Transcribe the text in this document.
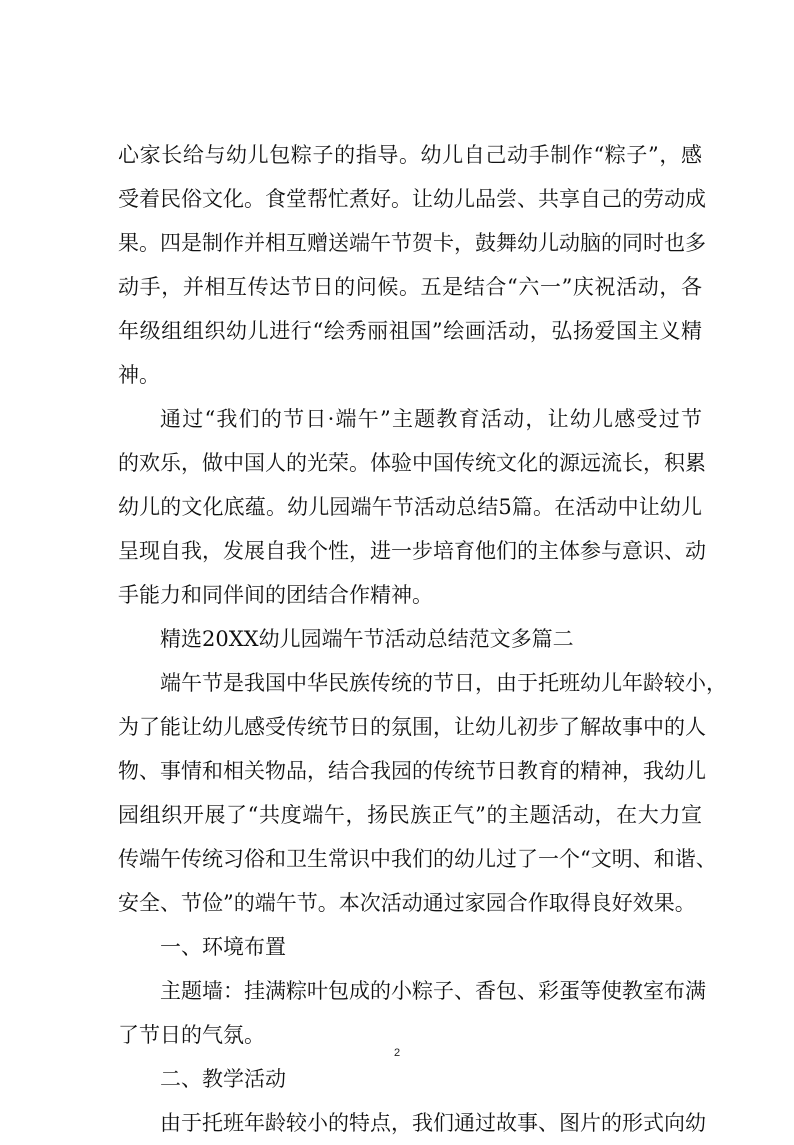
心家长给与幼儿包粽子的指导。幼儿自己动手制作“粽子”，感
受着民俗文化。食堂帮忙煮好。让幼儿品尝、共享自己的劳动成
果。四是制作并相互赠送端午节贺卡，鼓舞幼儿动脑的同时也多
动手，并相互传达节日的问候。五是结合“六一”庆祝活动，各
年级组组织幼儿进行“绘秀丽祖国”绘画活动，弘扬爱国主义精
神。
通过“我们的节日·端午”主题教育活动，让幼儿感受过节
的欢乐，做中国人的光荣。体验中国传统文化的源远流长，积累
幼儿的文化底蕴。幼儿园端午节活动总结5篇。在活动中让幼儿
呈现自我，发展自我个性，进一步培育他们的主体参与意识、动
手能力和同伴间的团结合作精神。
精选20XX幼儿园端午节活动总结范文多篇二
端午节是我国中华民族传统的节日，由于托班幼儿年龄较小，
为了能让幼儿感受传统节日的氛围，让幼儿初步了解故事中的人
物、事情和相关物品，结合我园的传统节日教育的精神，我幼儿
园组织开展了“共度端午，扬民族正气”的主题活动，在大力宣
传端午传统习俗和卫生常识中我们的幼儿过了一个“文明、和谐、
安全、节俭”的端午节。本次活动通过家园合作取得良好效果。
一、环境布置
主题墙：挂满粽叶包成的小粽子、香包、彩蛋等使教室布满
了节日的气氛。
二、教学活动
由于托班年龄较小的特点，我们通过故事、图片的形式向幼
2
